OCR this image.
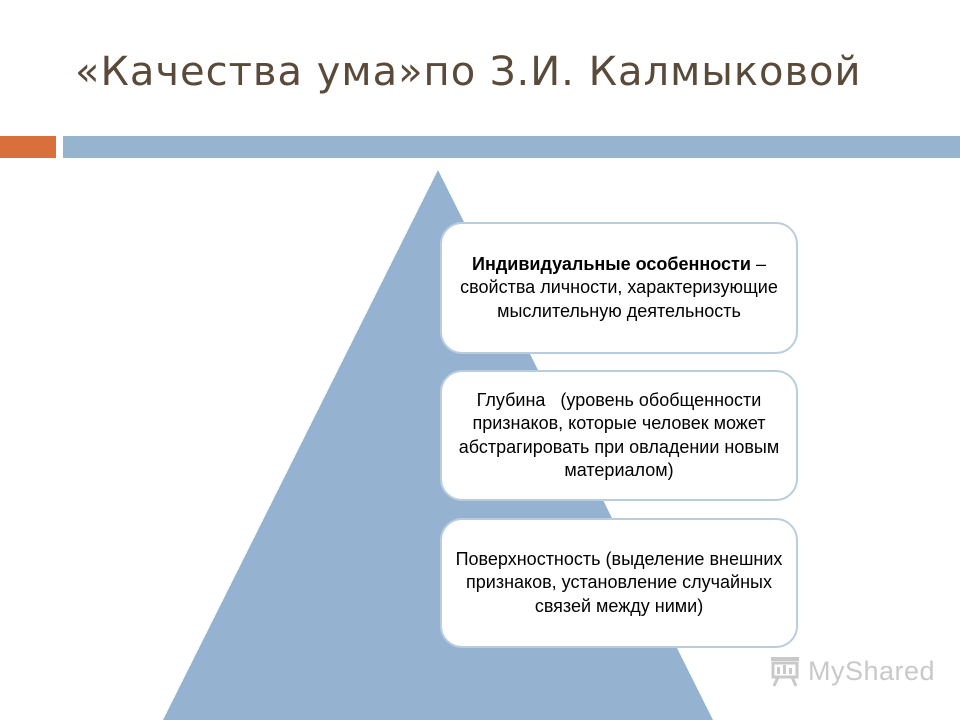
«Качества ума»по З.И. Калмыковой
Индивидуальные особенности – свойства личности, характеризующие мыслительную деятельность
Глубина   (уровень обобщенности признаков, которые человек может абстрагировать при овладении новым материалом)
Поверхностность (выделение внешних признаков, установление случайных связей между ними)
MyShared
